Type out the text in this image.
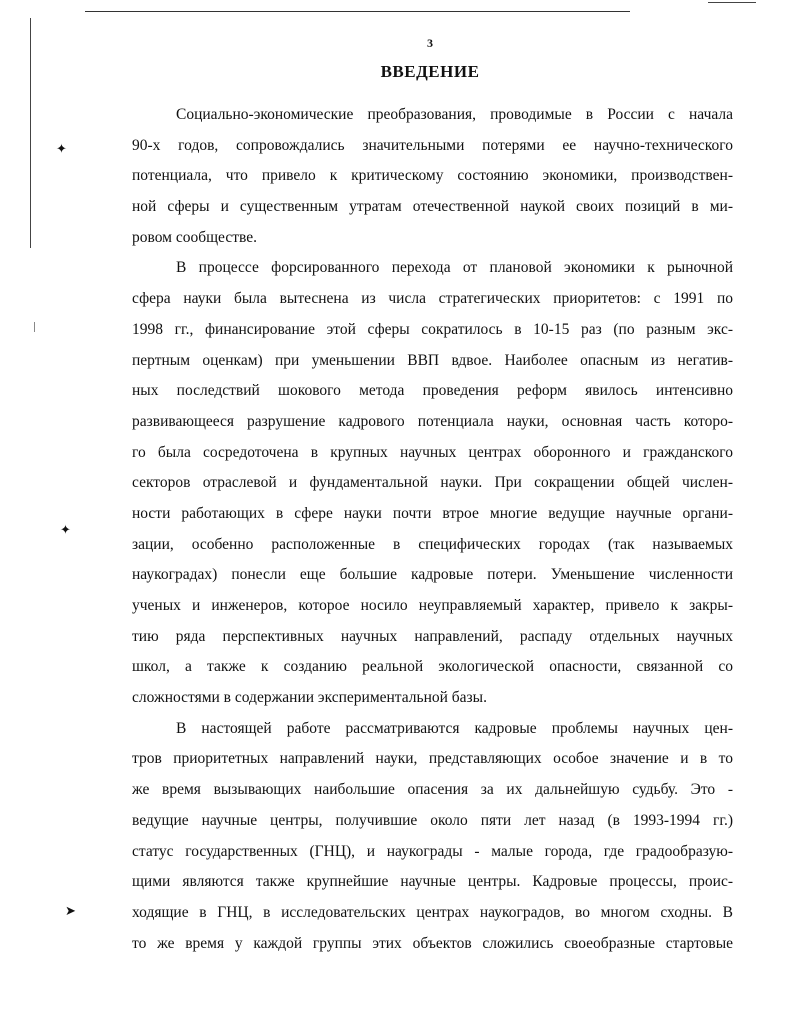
✦
✦
➤
3
ВВЕДЕНИЕ
Социально-экономические преобразования, проводимые в России с начала
90-х годов, сопровождались значительными потерями ее научно-технического
потенциала, что привело к критическому состоянию экономики, производствен-
ной сферы и существенным утратам отечественной наукой своих позиций в ми-
ровом сообществе.
В процессе форсированного перехода от плановой экономики к рыночной
сфера науки была вытеснена из числа стратегических приоритетов: с 1991 по
1998 гг., финансирование этой сферы сократилось в 10-15 раз (по разным экс-
пертным оценкам) при уменьшении ВВП вдвое. Наиболее опасным из негатив-
ных последствий шокового метода проведения реформ явилось интенсивно
развивающееся разрушение кадрового потенциала науки, основная часть которо-
го была сосредоточена в крупных научных центрах оборонного и гражданского
секторов отраслевой и фундаментальной науки. При сокращении общей числен-
ности работающих в сфере науки почти втрое многие ведущие научные органи-
зации, особенно расположенные в специфических городах (так называемых
наукоградах) понесли еще большие кадровые потери. Уменьшение численности
ученых и инженеров, которое носило неуправляемый характер, привело к закры-
тию ряда перспективных научных направлений, распаду отдельных научных
школ, а также к созданию реальной экологической опасности, связанной со
сложностями в содержании экспериментальной базы.
В настоящей работе рассматриваются кадровые проблемы научных цен-
тров приоритетных направлений науки, представляющих особое значение и в то
же время вызывающих наибольшие опасения за их дальнейшую судьбу. Это -
ведущие научные центры, получившие около пяти лет назад (в 1993-1994 гг.)
статус государственных (ГНЦ), и наукограды - малые города, где градообразую-
щими являются также крупнейшие научные центры. Кадровые процессы, проис-
ходящие в ГНЦ, в исследовательских центрах наукоградов, во многом сходны. В
то же время у каждой группы этих объектов сложились своеобразные стартовые
